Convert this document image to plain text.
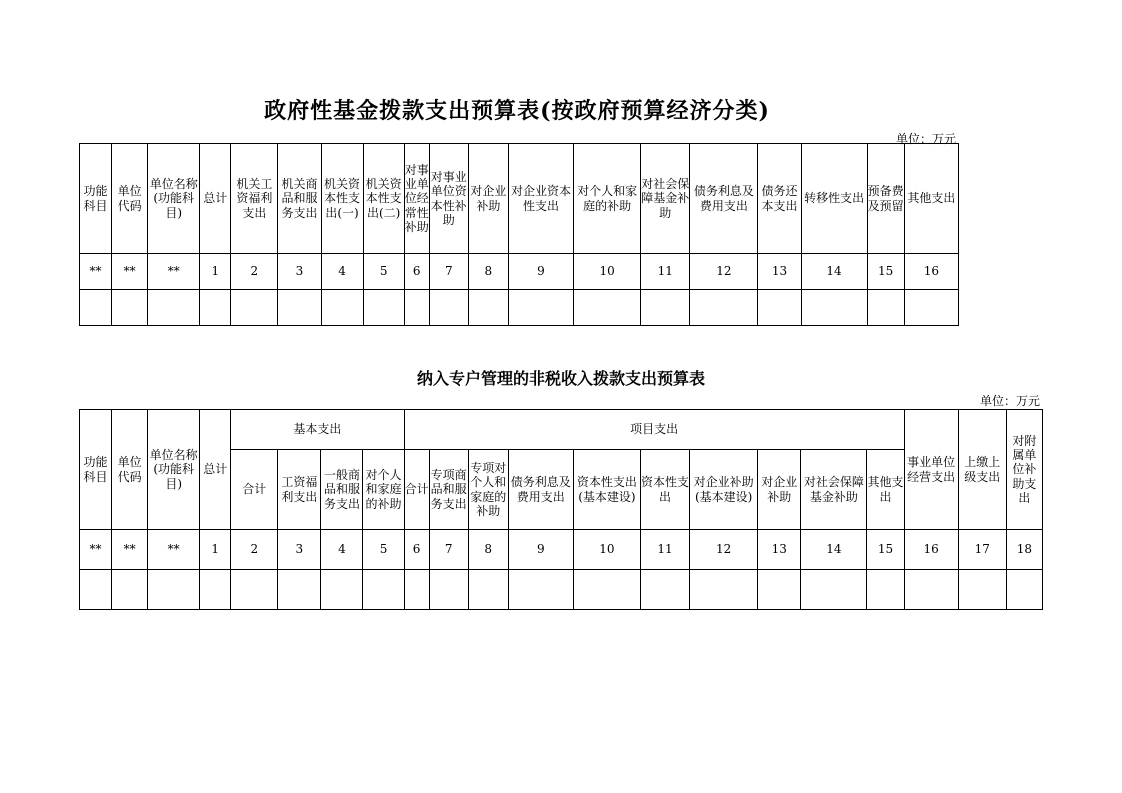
政府性基金拨款支出预算表(按政府预算经济分类)
单位：万元
功能科目	单位代码	单位名称(功能科目)	总计	机关工资福利支出	机关商品和服务支出	机关资本性支出(一)	机关资本性支出(二)	对事业单位经常性补助	对事业单位资本性补助	对企业补助	对企业资本性支出	对个人和家庭的补助	对社会保障基金补助	债务利息及费用支出	债务还本支出	转移性支出	预备费及预留	其他支出

**	**	**	1	2	3	4	5	6	7	8	9	10	11	12	13	14	15	16

纳入专户管理的非税收入拨款支出预算表
单位：万元
功能科目	单位代码	单位名称(功能科目)	总计	基本支出				项目支出										事业单位经营支出	上缴上级支出	对附属单位补助支出

				合计	工资福利支出	一般商品和服务支出	对个人和家庭的补助	合计	专项商品和服务支出	专项对个人和家庭的补助	债务利息及费用支出	资本性支出(基本建设)	资本性支出	对企业补助(基本建设)	对企业补助	对社会保障基金补助	其他支出			

**	**	**	1	2	3	4	5	6	7	8	9	10	11	12	13	14	15	16	17	18
